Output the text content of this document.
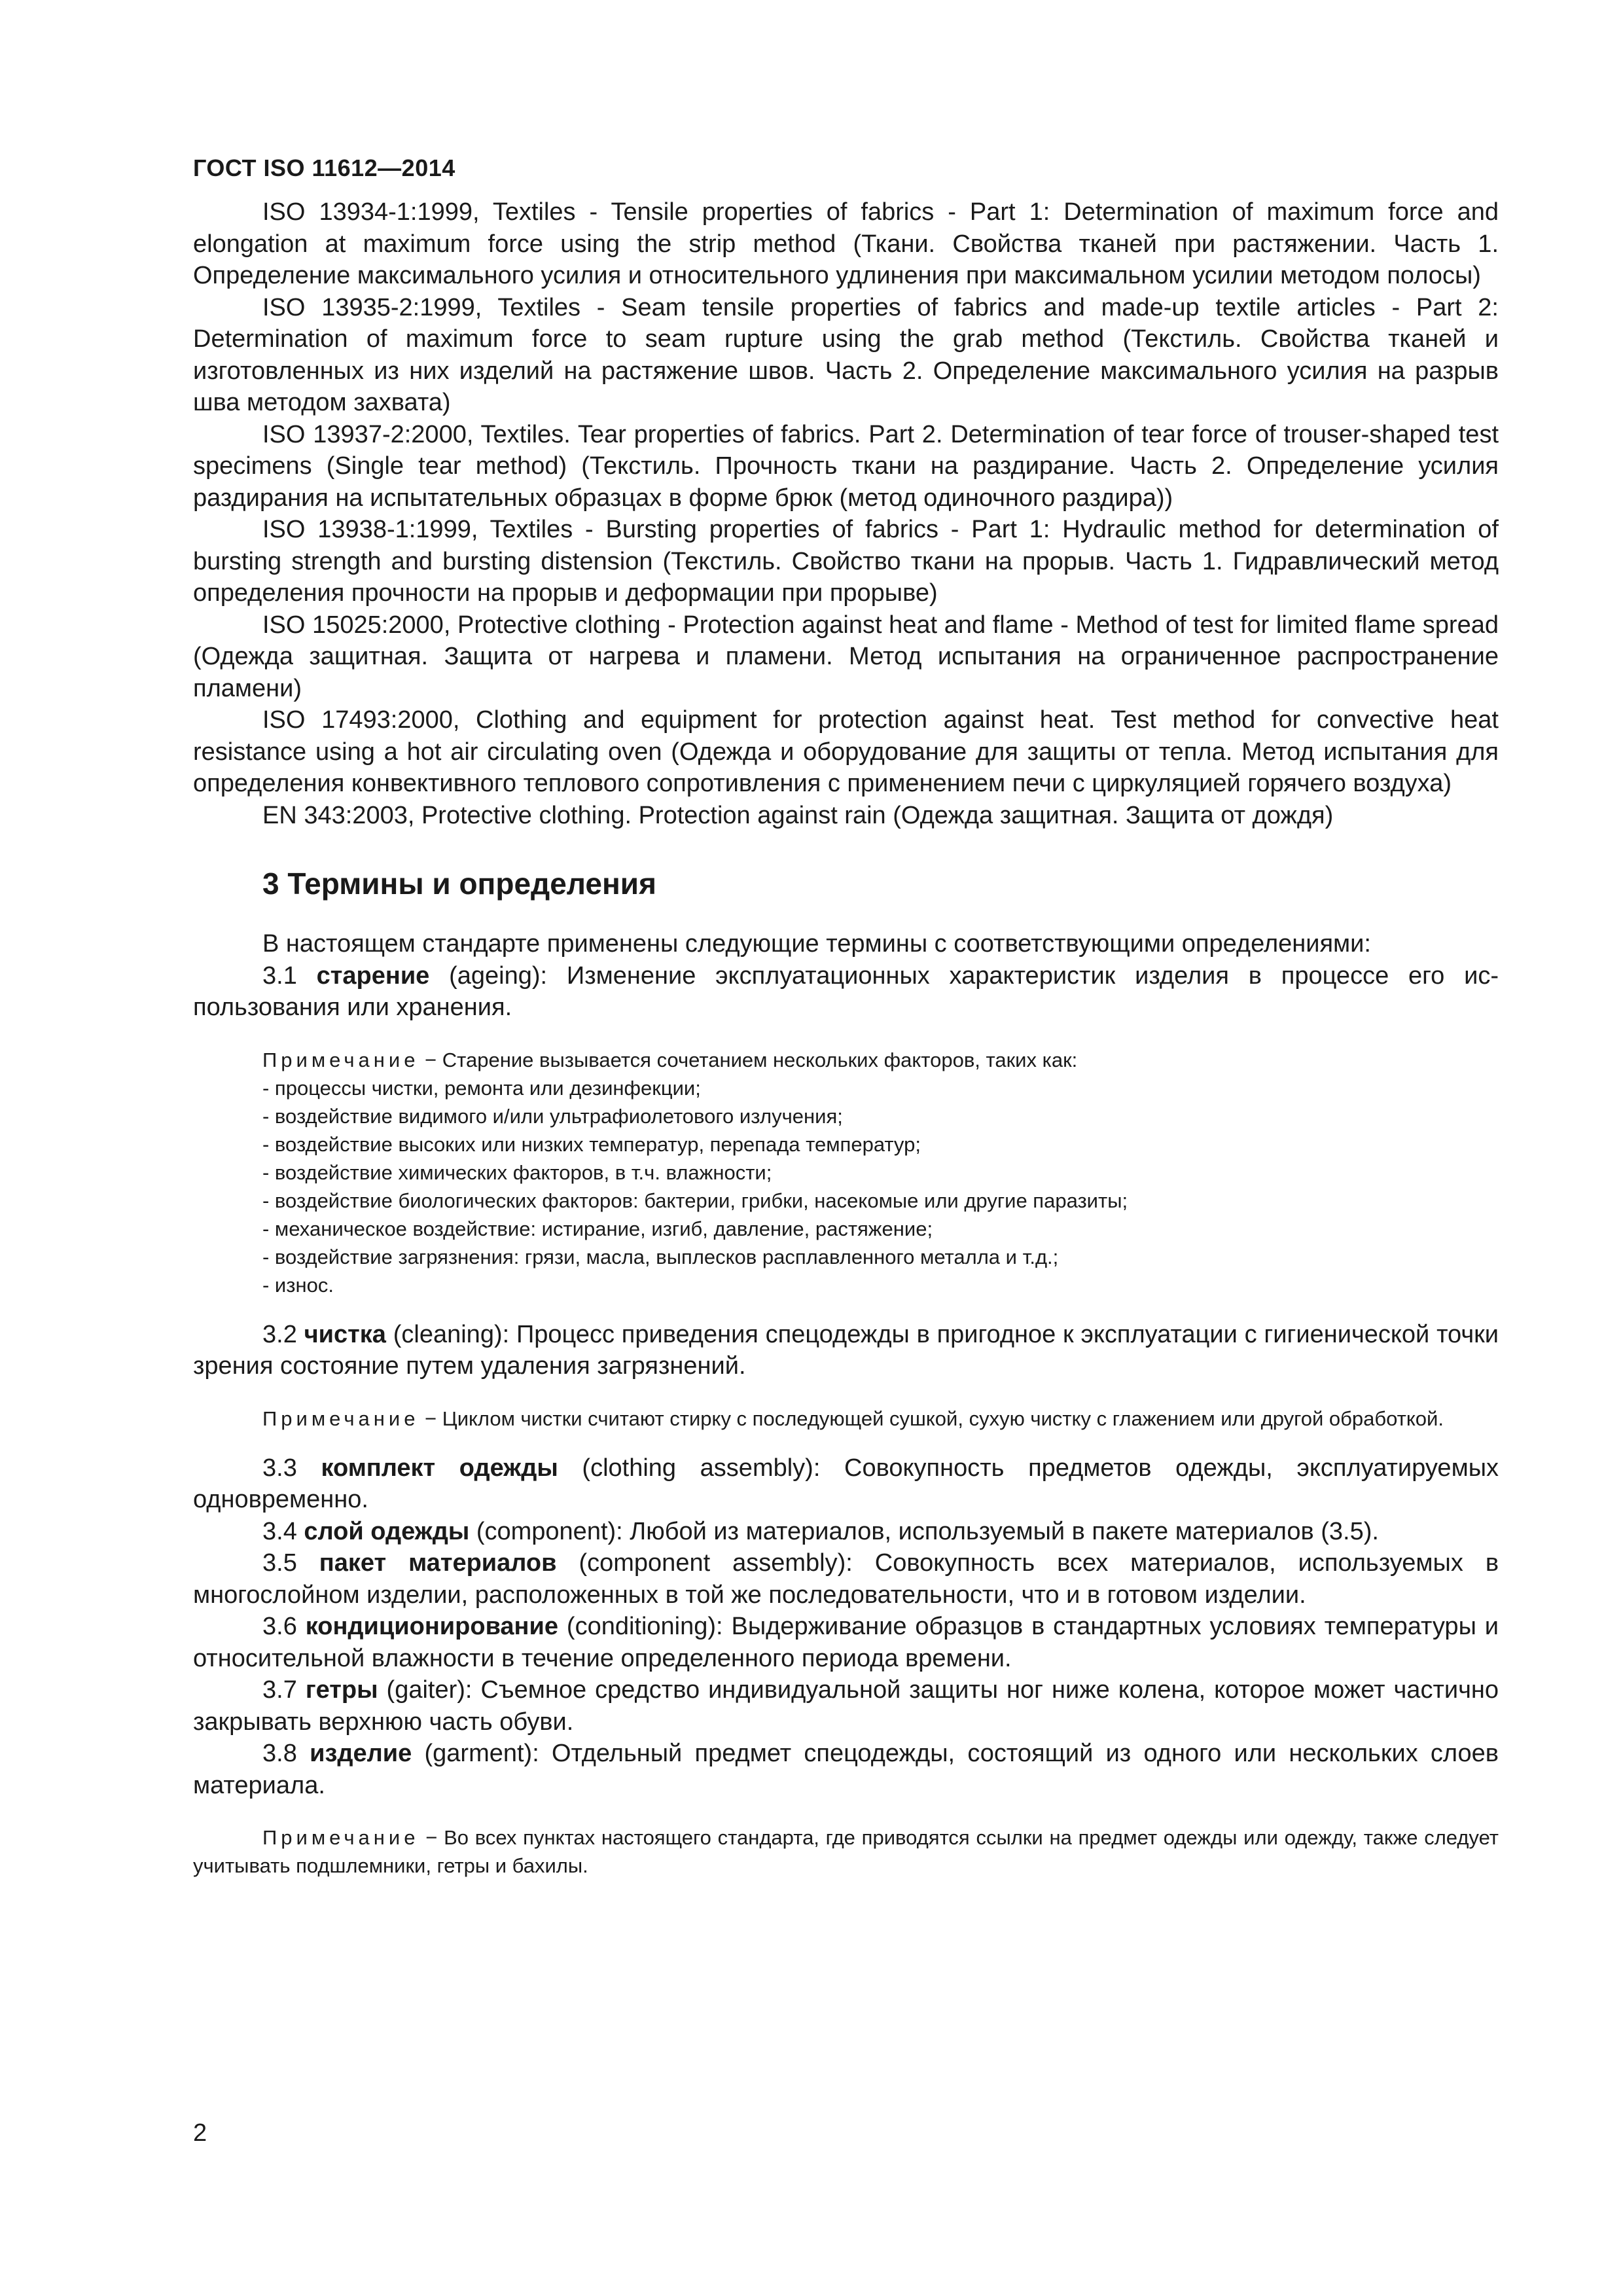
ГОСТ ISO 11612—2014

ISO 13934-1:1999, Textiles - Tensile properties of fabrics - Part 1: Determination of maximum force and elongation at maximum force using the strip method (Ткани. Свойства тканей при растяжении. Часть 1. Определение максимального усилия и относительного удлинения при максимальном усилии методом полосы)

ISO 13935-2:1999, Textiles - Seam tensile properties of fabrics and made-up textile articles - Part 2: Determination of maximum force to seam rupture using the grab method (Текстиль. Свойства тканей и изготовленных из них изделий на растяжение швов. Часть 2. Определение максимального усилия на разрыв шва методом захвата)

ISO 13937-2:2000, Textiles. Tear properties of fabrics. Part 2. Determination of tear force of trouser-shaped test specimens (Single tear method) (Текстиль. Прочность ткани на раздирание. Часть 2. Определение усилия раздирания на испытательных образцах в форме брюк (метод одиночного раздира))

ISO 13938-1:1999, Textiles - Bursting properties of fabrics - Part 1: Hydraulic method for determination of bursting strength and bursting distension (Текстиль. Свойство ткани на прорыв. Часть 1. Гидравлический метод определения прочности на прорыв и деформации при прорыве)

ISO 15025:2000, Protective clothing - Protection against heat and flame - Method of test for limited flame spread (Одежда защитная. Защита от нагрева и пламени. Метод испытания на ограниченное распространение пламени)

ISO 17493:2000, Clothing and equipment for protection against heat. Test method for convective heat resistance using a hot air circulating oven (Одежда и оборудование для защиты от тепла. Метод испытания для определения конвективного теплового сопротивления с применением печи с циркуляцией горячего воздуха)

EN 343:2003, Protective clothing. Protection against rain (Одежда защитная. Защита от дождя)

3 Термины и определения

В настоящем стандарте применены следующие термины с соответствующими определениями:

3.1 старение (ageing): Изменение эксплуатационных характеристик изделия в процессе его использования или хранения.

Примечание − Старение вызывается сочетанием нескольких факторов, таких как:

- процессы чистки, ремонта или дезинфекции;

- воздействие видимого и/или ультрафиолетового излучения;

- воздействие высоких или низких температур, перепада температур;

- воздействие химических факторов, в т.ч. влажности;

- воздействие биологических факторов: бактерии, грибки, насекомые или другие паразиты;

- механическое воздействие: истирание, изгиб, давление, растяжение;

- воздействие загрязнения: грязи, масла, выплесков расплавленного металла и т.д.;

- износ.

3.2 чистка (cleaning): Процесс приведения спецодежды в пригодное к эксплуатации с гигиенической точки зрения состояние путем удаления загрязнений.

Примечание − Циклом чистки считают стирку с последующей сушкой, сухую чистку с глажением или другой обработкой.

3.3 комплект одежды (clothing assembly): Совокупность предметов одежды, эксплуатируемых одновременно.

3.4 слой одежды (component): Любой из материалов, используемый в пакете материалов (3.5).

3.5 пакет материалов (component assembly): Совокупность всех материалов, используемых в многослойном изделии, расположенных в той же последовательности, что и в готовом изделии.

3.6 кондиционирование (conditioning): Выдерживание образцов в стандартных условиях температуры и относительной влажности в течение определенного периода времени.

3.7 гетры (gaiter): Съемное средство индивидуальной защиты ног ниже колена, которое может частично закрывать верхнюю часть обуви.

3.8 изделие (garment): Отдельный предмет спецодежды, состоящий из одного или нескольких слоев материала.

Примечание − Во всех пунктах настоящего стандарта, где приводятся ссылки на предмет одежды или одежду, также следует учитывать подшлемники, гетры и бахилы.

2
